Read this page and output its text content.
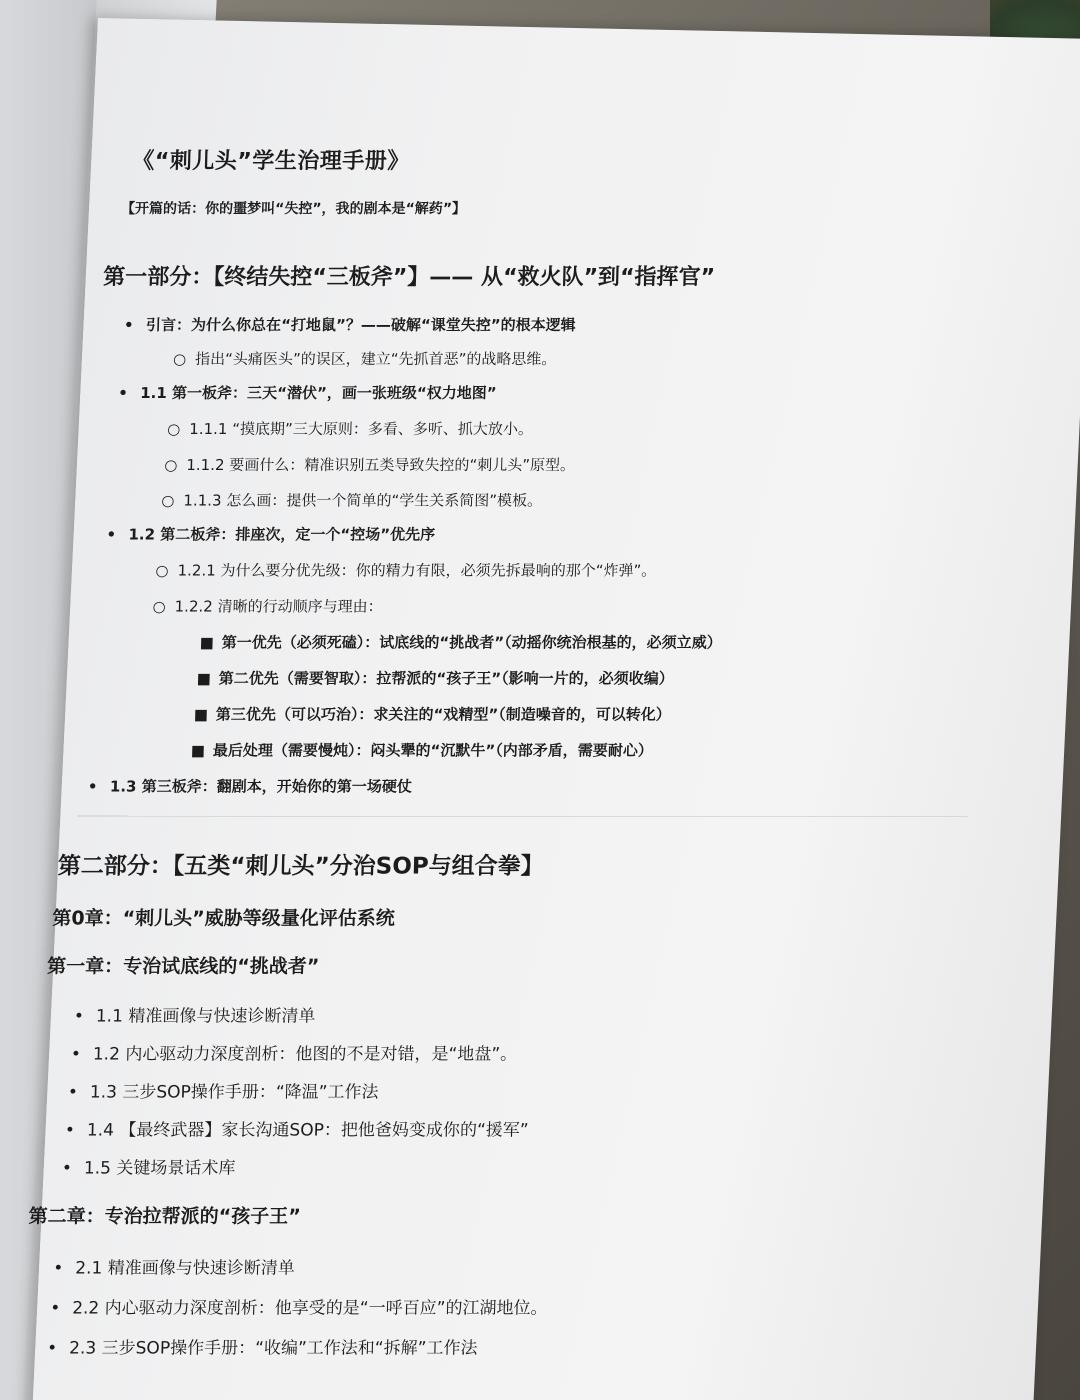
《“刺儿头”学生治理手册》
【开篇的话：你的噩梦叫“失控”，我的剧本是“解药”】
第一部分：【终结失控“三板斧”】—— 从“救火队”到“指挥官”
• 引言：为什么你总在“打地鼠”？——破解“课堂失控”的根本逻辑
○ 指出“头痛医头”的误区，建立“先抓首恶”的战略思维。
• 1.1 第一板斧：三天“潜伏”，画一张班级“权力地图”
○ 1.1.1 “摸底期”三大原则：多看、多听、抓大放小。
○ 1.1.2 要画什么：精准识别五类导致失控的“刺儿头”原型。
○ 1.1.3 怎么画：提供一个简单的“学生关系简图”模板。
• 1.2 第二板斧：排座次，定一个“控场”优先序
○ 1.2.1 为什么要分优先级：你的精力有限，必须先拆最响的那个“炸弹”。
○ 1.2.2 清晰的行动顺序与理由：
■ 第一优先（必须死磕）：试底线的“挑战者”（动摇你统治根基的，必须立威）
■ 第二优先（需要智取）：拉帮派的“孩子王”（影响一片的，必须收编）
■ 第三优先（可以巧治）：求关注的“戏精型”（制造噪音的，可以转化）
■ 最后处理（需要慢炖）：闷头犟的“沉默牛”（内部矛盾，需要耐心）
• 1.3 第三板斧：翻剧本，开始你的第一场硬仗
第二部分：【五类“刺儿头”分治SOP与组合拳】
第0章：“刺儿头”威胁等级量化评估系统
第一章：专治试底线的“挑战者”
• 1.1 精准画像与快速诊断清单
• 1.2 内心驱动力深度剖析：他图的不是对错，是“地盘”。
• 1.3 三步SOP操作手册：“降温”工作法
• 1.4 【最终武器】家长沟通SOP：把他爸妈变成你的“援军”
• 1.5 关键场景话术库
第二章：专治拉帮派的“孩子王”
• 2.1 精准画像与快速诊断清单
• 2.2 内心驱动力深度剖析：他享受的是“一呼百应”的江湖地位。
• 2.3 三步SOP操作手册：“收编”工作法和“拆解”工作法
